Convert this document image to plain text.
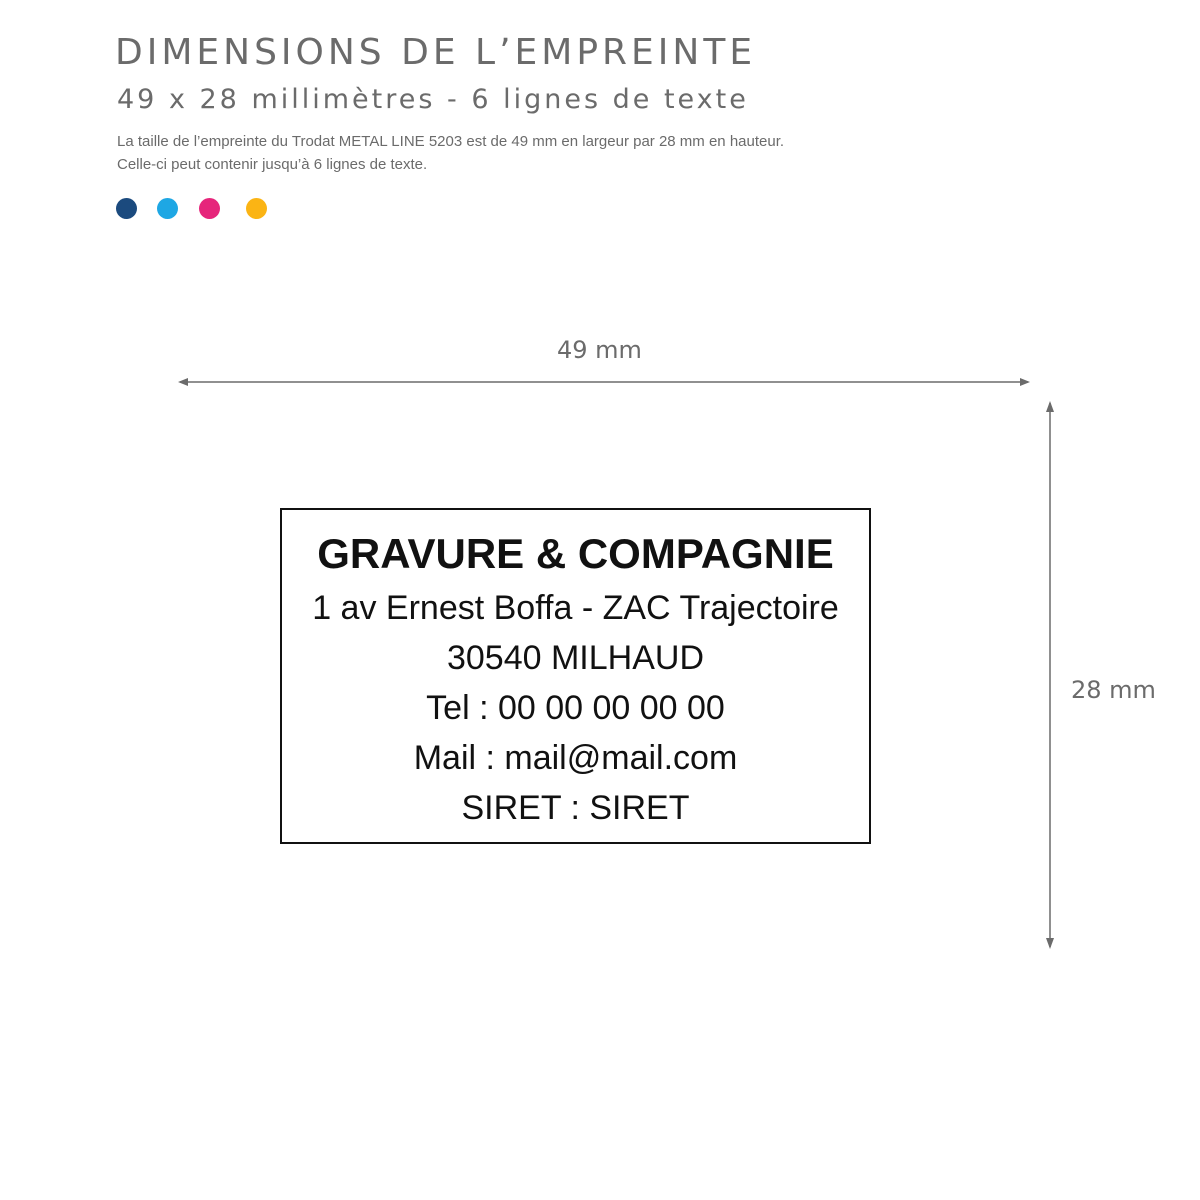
DIMENSIONS DE L’EMPREINTE
49 x 28 millimètres - 6 lignes de texte
La taille de l’empreinte du Trodat METAL LINE 5203 est de 49 mm en largeur par 28 mm en hauteur.
Celle-ci peut contenir jusqu’à 6 lignes de texte.
49 mm
28 mm
GRAVURE & COMPAGNIE
1 av Ernest Boffa - ZAC Trajectoire
30540 MILHAUD
Tel : 00 00 00 00 00
Mail : mail@mail.com
SIRET : SIRET
